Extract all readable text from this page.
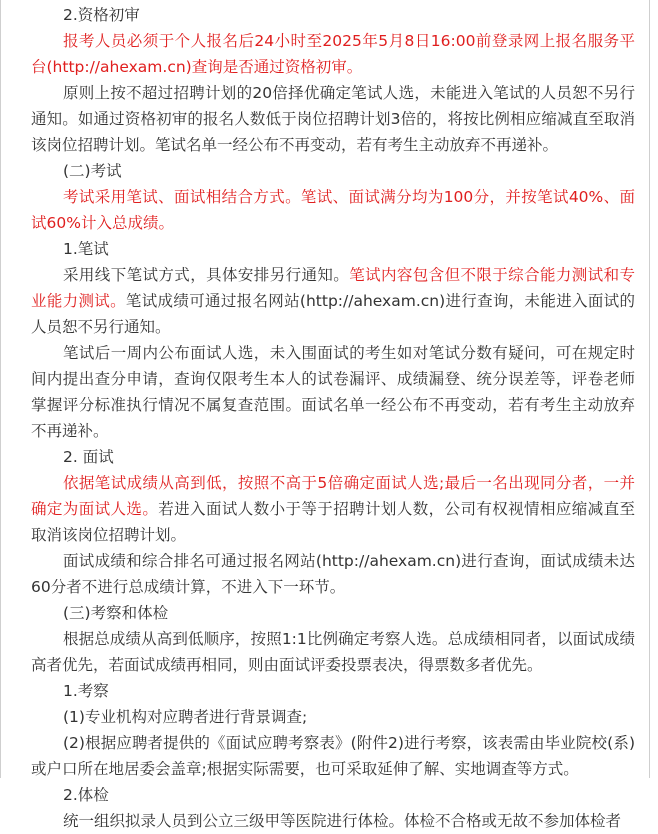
2.资格初审

报考人员必须于个人报名后24小时至2025年5月8日16:00前登录网上报名服务平台(http://ahexam.cn)查询是否通过资格初审。

原则上按不超过招聘计划的20倍择优确定笔试人选，未能进入笔试的人员恕不另行通知。如通过资格初审的报名人数低于岗位招聘计划3倍的，将按比例相应缩减直至取消该岗位招聘计划。笔试名单一经公布不再变动，若有考生主动放弃不再递补。

(二)考试

考试采用笔试、面试相结合方式。笔试、面试满分均为100分，并按笔试40%、面试60%计入总成绩。

1.笔试

采用线下笔试方式，具体安排另行通知。笔试内容包含但不限于综合能力测试和专业能力测试。笔试成绩可通过报名网站(http://ahexam.cn)进行查询，未能进入面试的人员恕不另行通知。

笔试后一周内公布面试人选，未入围面试的考生如对笔试分数有疑问，可在规定时间内提出查分申请，查询仅限考生本人的试卷漏评、成绩漏登、统分误差等，评卷老师掌握评分标准执行情况不属复查范围。面试名单一经公布不再变动，若有考生主动放弃不再递补。

2. 面试

依据笔试成绩从高到低，按照不高于5倍确定面试人选;最后一名出现同分者，一并确定为面试人选。若进入面试人数小于等于招聘计划人数，公司有权视情相应缩减直至取消该岗位招聘计划。

面试成绩和综合排名可通过报名网站(http://ahexam.cn)进行查询，面试成绩未达60分者不进行总成绩计算，不进入下一环节。

(三)考察和体检

根据总成绩从高到低顺序，按照1:1比例确定考察人选。总成绩相同者，以面试成绩高者优先，若面试成绩再相同，则由面试评委投票表决，得票数多者优先。

1.考察

(1)专业机构对应聘者进行背景调查;

(2)根据应聘者提供的《面试应聘考察表》(附件2)进行考察，该表需由毕业院校(系)或户口所在地居委会盖章;根据实际需要，也可采取延伸了解、实地调查等方式。

2.体检

统一组织拟录人员到公立三级甲等医院进行体检。体检不合格或无故不参加体检者
